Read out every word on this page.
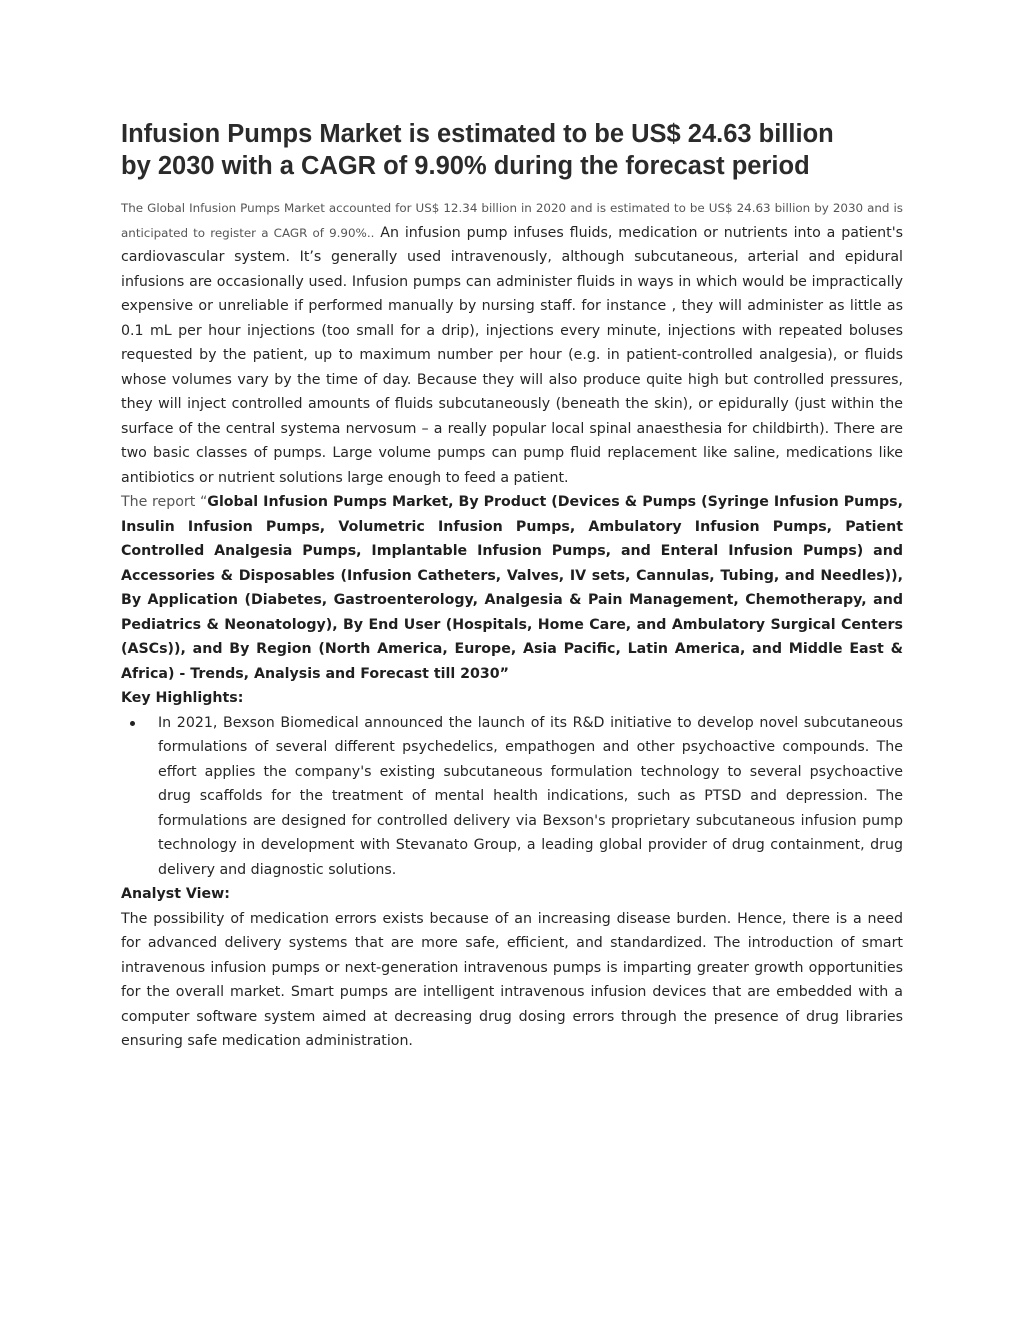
Infusion Pumps Market is estimated to be US$ 24.63 billion
by 2030 with a CAGR of 9.90% during the forecast period

The Global Infusion Pumps Market accounted for US$ 12.34 billion in 2020 and is estimated to be US$ 24.63 billion by 2030 and is anticipated to register a CAGR of 9.90%.. An infusion pump infuses fluids, medication or nutrients into a patient's cardiovascular system. It’s generally used intravenously, although subcutaneous, arterial and epidural infusions are occasionally used. Infusion pumps can administer fluids in ways in which would be impractically expensive or unreliable if performed manually by nursing staff. for instance , they will administer as little as 0.1 mL per hour injections (too small for a drip), injections every minute, injections with repeated boluses requested by the patient, up to maximum number per hour (e.g. in patient-controlled analgesia), or fluids whose volumes vary by the time of day. Because they will also produce quite high but controlled pressures, they will inject controlled amounts of fluids subcutaneously (beneath the skin), or epidurally (just within the surface of the central systema nervosum – a really popular local spinal anaesthesia for childbirth). There are two basic classes of pumps. Large volume pumps can pump fluid replacement like saline, medications like antibiotics or nutrient solutions large enough to feed a patient.

The report “Global Infusion Pumps Market, By Product (Devices & Pumps (Syringe Infusion Pumps, Insulin Infusion Pumps, Volumetric Infusion Pumps, Ambulatory Infusion Pumps, Patient Controlled Analgesia Pumps, Implantable Infusion Pumps, and Enteral Infusion Pumps) and Accessories & Disposables (Infusion Catheters, Valves, IV sets, Cannulas, Tubing, and Needles)), By Application (Diabetes, Gastroenterology, Analgesia & Pain Management, Chemotherapy, and Pediatrics & Neonatology), By End User (Hospitals, Home Care, and Ambulatory Surgical Centers (ASCs)), and By Region (North America, Europe, Asia Pacific, Latin America, and Middle East & Africa) - Trends, Analysis and Forecast till 2030”

Key Highlights:

In 2021, Bexson Biomedical announced the launch of its R&D initiative to develop novel subcutaneous formulations of several different psychedelics, empathogen and other psychoactive compounds. The effort applies the company's existing subcutaneous formulation technology to several psychoactive drug scaffolds for the treatment of mental health indications, such as PTSD and depression. The formulations are designed for controlled delivery via Bexson's proprietary subcutaneous infusion pump technology in development with Stevanato Group, a leading global provider of drug containment, drug delivery and diagnostic solutions.

Analyst View:

The possibility of medication errors exists because of an increasing disease burden. Hence, there is a need for advanced delivery systems that are more safe, efficient, and standardized. The introduction of smart intravenous infusion pumps or next-generation intravenous pumps is imparting greater growth opportunities for the overall market. Smart pumps are intelligent intravenous infusion devices that are embedded with a computer software system aimed at decreasing drug dosing errors through the presence of drug libraries ensuring safe medication administration.
